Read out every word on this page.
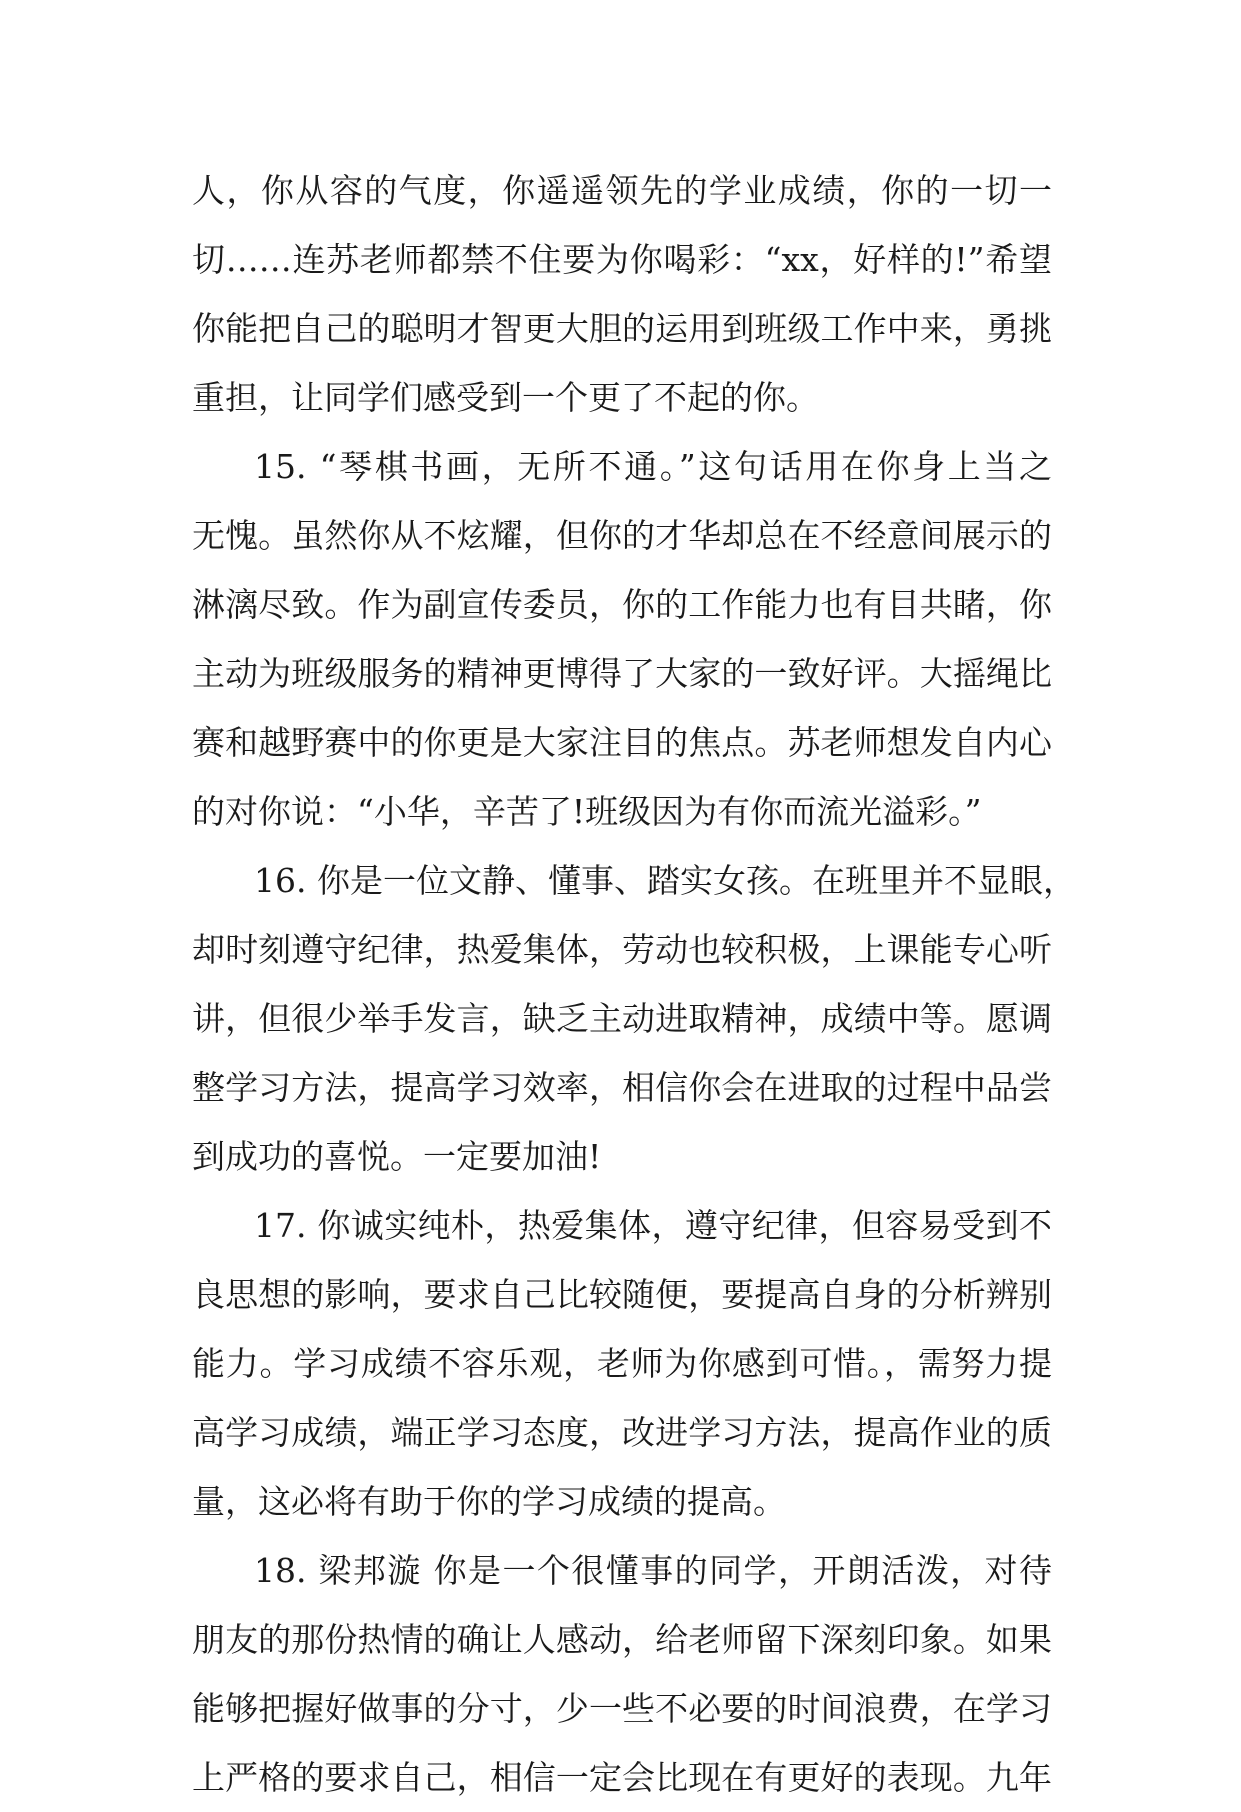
人，你从容的气度，你遥遥领先的学业成绩，你的一切一
切……连苏老师都禁不住要为你喝彩：“xx，好样的!”希望
你能把自己的聪明才智更大胆的运用到班级工作中来，勇挑
重担，让同学们感受到一个更了不起的你。
15. “琴棋书画，无所不通。”这句话用在你身上当之
无愧。虽然你从不炫耀，但你的才华却总在不经意间展示的
淋漓尽致。作为副宣传委员，你的工作能力也有目共睹，你
主动为班级服务的精神更博得了大家的一致好评。大摇绳比
赛和越野赛中的你更是大家注目的焦点。苏老师想发自内心
的对你说：“小华，辛苦了!班级因为有你而流光溢彩。”
16. 你是一位文静、懂事、踏实女孩。在班里并不显眼，
却时刻遵守纪律，热爱集体，劳动也较积极，上课能专心听
讲，但很少举手发言，缺乏主动进取精神，成绩中等。愿调
整学习方法，提高学习效率，相信你会在进取的过程中品尝
到成功的喜悦。一定要加油!
17. 你诚实纯朴，热爱集体，遵守纪律，但容易受到不
良思想的影响，要求自己比较随便，要提高自身的分析辨别
能力。学习成绩不容乐观，老师为你感到可惜。，需努力提
高学习成绩，端正学习态度，改进学习方法，提高作业的质
量，这必将有助于你的学习成绩的提高。
18. 梁邦漩 你是一个很懂事的同学，开朗活泼，对待
朋友的那份热情的确让人感动，给老师留下深刻印象。如果
能够把握好做事的分寸，少一些不必要的时间浪费，在学习
上严格的要求自己，相信一定会比现在有更好的表现。九年
